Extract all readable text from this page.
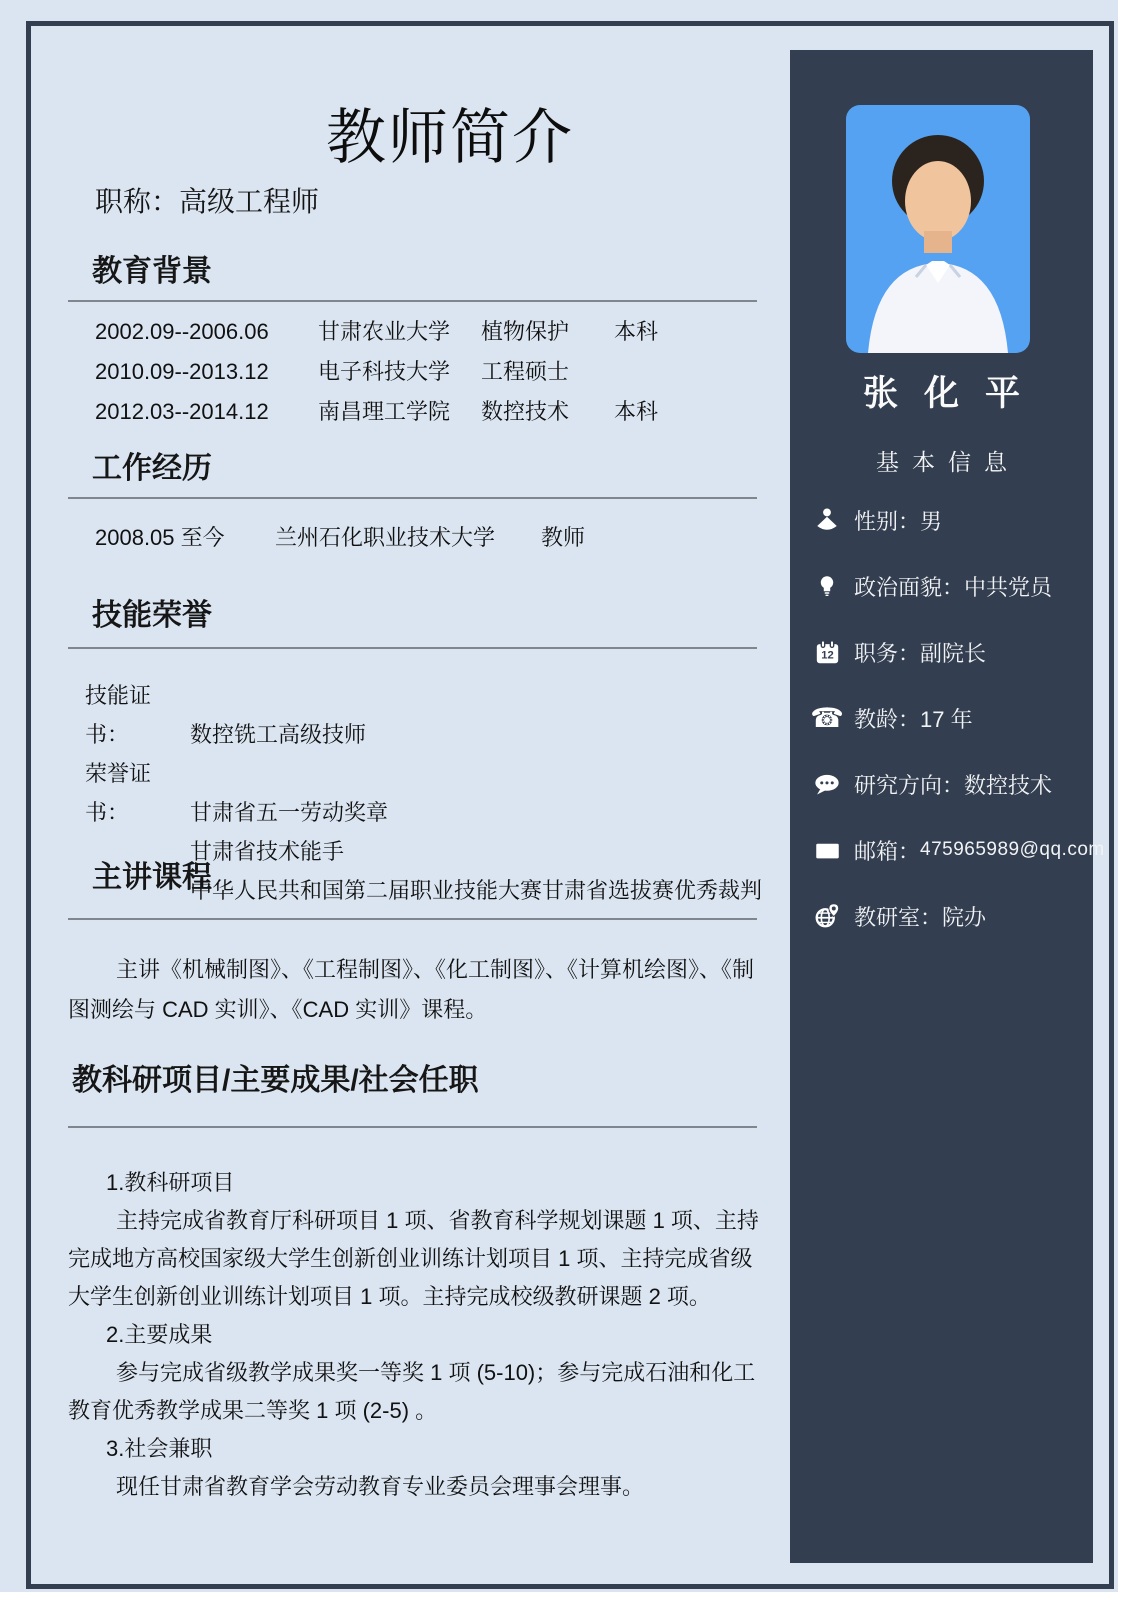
教师简介
职称：高级工程师
教育背景
2002.09--2006.06 甘肃农业大学 植物保护 本科
2010.09--2013.12 电子科技大学 工程硕士
2012.03--2014.12 南昌理工学院 数控技术 本科
工作经历
2008.05 至今 兰州石化职业技术大学 教师
技能荣誉
技能证书：	数控铣工高级技师
荣誉证书：	甘肃省五一劳动奖章
甘肃省技术能手
中华人民共和国第二届职业技能大赛甘肃省选拔赛优秀裁判
主讲课程

主讲《机械制图》、《工程制图》、《化工制图》、《计算机绘图》、《制图测绘与 CAD 实训》、《CAD 实训》课程。

教科研项目/主要成果/社会任职
1.教科研项目

主持完成省教育厅科研项目 1 项、省教育科学规划课题 1 项、主持完成地方高校国家级大学生创新创业训练计划项目 1 项、主持完成省级大学生创新创业训练计划项目 1 项。主持完成校级教研课题 2 项。

2.主要成果

参与完成省级教学成果奖一等奖 1 项 (5-10)；参与完成石油和化工教育优秀教学成果二等奖 1 项 (2-5) 。

3.社会兼职

现任甘肃省教育学会劳动教育专业委员会理事会理事。

张化平
基本信息
性别： 男
政治面貌： 中共党员
12 职务： 副院长
☎ 教龄： 17 年
研究方向： 数控技术
邮箱： 475965989@qq.com
教研室： 院办
